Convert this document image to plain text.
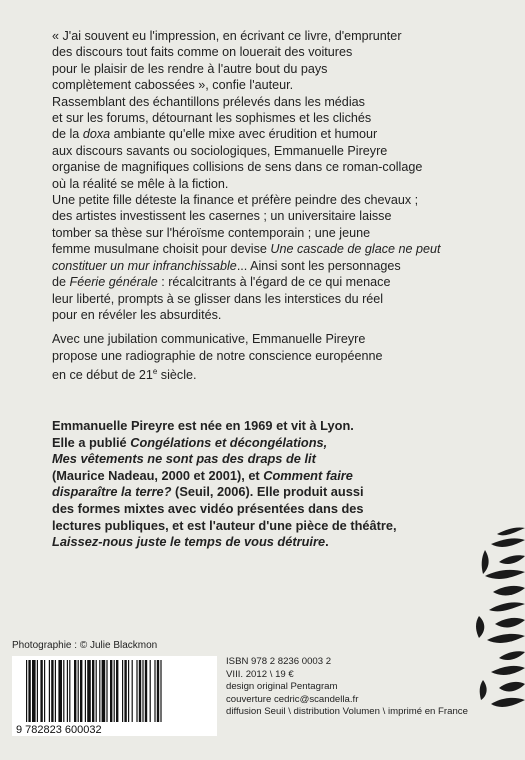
« J'ai souvent eu l'impression, en écrivant ce livre, d'emprunter
des discours tout faits comme on louerait des voitures
pour le plaisir de les rendre à l'autre bout du pays
complètement cabossées », confie l'auteur.
Rassemblant des échantillons prélevés dans les médias
et sur les forums, détournant les sophismes et les clichés
de la doxa ambiante qu'elle mixe avec érudition et humour
aux discours savants ou sociologiques, Emmanuelle Pireyre
organise de magnifiques collisions de sens dans ce roman-collage
où la réalité se mêle à la fiction.
Une petite fille déteste la finance et préfère peindre des chevaux ;
des artistes investissent les casernes ; un universitaire laisse
tomber sa thèse sur l'héroïsme contemporain ; une jeune
femme musulmane choisit pour devise Une cascade de glace ne peut
constituer un mur infranchissable... Ainsi sont les personnages
de Féerie générale : récalcitrants à l'égard de ce qui menace
leur liberté, prompts à se glisser dans les interstices du réel
pour en révéler les absurdités.

Avec une jubilation communicative, Emmanuelle Pireyre
propose une radiographie de notre conscience européenne
en ce début de 21e siècle.

Emmanuelle Pireyre est née en 1969 et vit à Lyon.
Elle a publié Congélations et décongélations,
Mes vêtements ne sont pas des draps de lit
(Maurice Nadeau, 2000 et 2001), et Comment faire
disparaître la terre? (Seuil, 2006). Elle produit aussi
des formes mixtes avec vidéo présentées dans des
lectures publiques, et est l'auteur d'une pièce de théâtre,
Laissez-nous juste le temps de vous détruire.
Photographie : © Julie Blackmon
9 782823 600032
ISBN 978 2 8236 0003 2
VIII. 2012 \ 19 €
design original Pentagram
couverture cedric@scandella.fr
diffusion Seuil \ distribution Volumen \ imprimé en France
